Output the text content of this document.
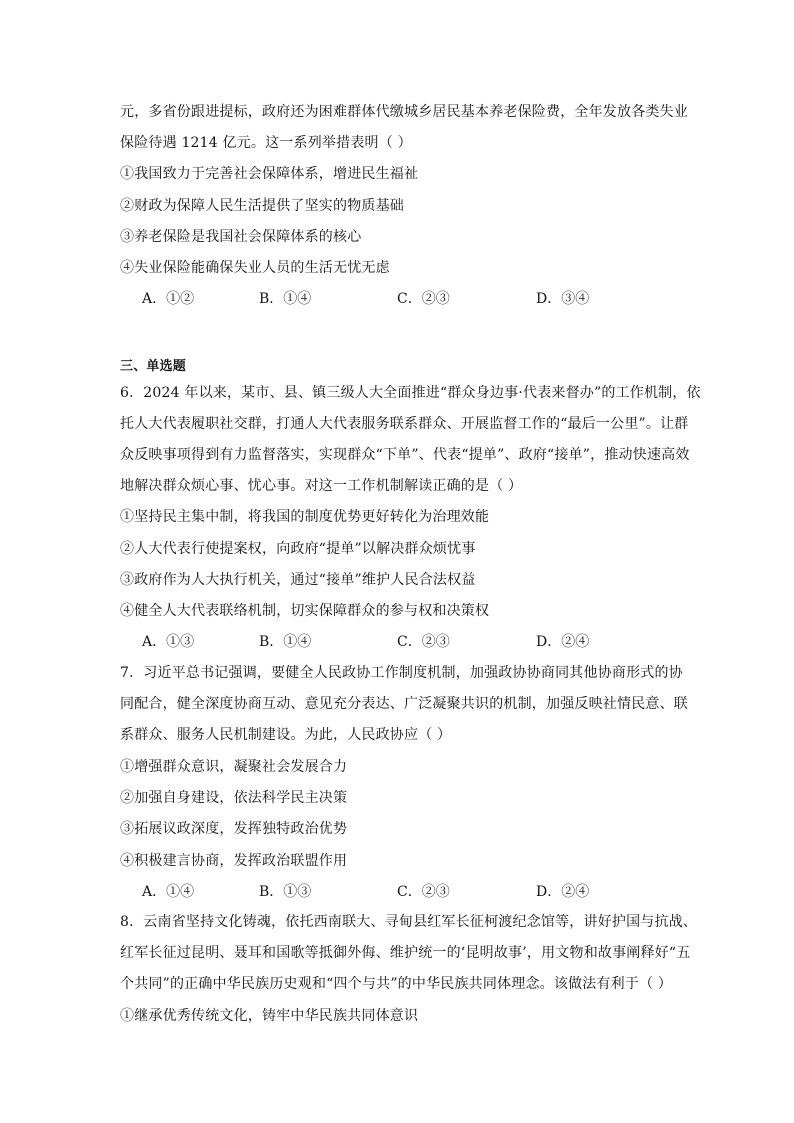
元，多省份跟进提标，政府还为困难群体代缴城乡居民基本养老保险费，全年发放各类失业
保险待遇 1214 亿元。这一系列举措表明（ ）
①我国致力于完善社会保障体系，增进民生福祉
②财政为保障人民生活提供了坚实的物质基础
③养老保险是我国社会保障体系的核心
④失业保险能确保失业人员的生活无忧无虑
A．①②	B．①④	C．②③	D．③④
三、单选题
6．2024 年以来，某市、县、镇三级人大全面推进“群众身边事·代表来督办”的工作机制，依
托人大代表履职社交群，打通人大代表服务联系群众、开展监督工作的“最后一公里”。让群
众反映事项得到有力监督落实，实现群众“下单”、代表“提单”、政府“接单”，推动快速高效
地解决群众烦心事、忧心事。对这一工作机制解读正确的是（ ）
①坚持民主集中制，将我国的制度优势更好转化为治理效能
②人大代表行使提案权，向政府“提单”以解决群众烦忧事
③政府作为人大执行机关，通过“接单”维护人民合法权益
④健全人大代表联络机制，切实保障群众的参与权和决策权
A．①③	B．①④	C．②③	D．②④
7．习近平总书记强调，要健全人民政协工作制度机制，加强政协协商同其他协商形式的协
同配合，健全深度协商互动、意见充分表达、广泛凝聚共识的机制，加强反映社情民意、联
系群众、服务人民机制建设。为此，人民政协应（ ）
①增强群众意识，凝聚社会发展合力
②加强自身建设，依法科学民主决策
③拓展议政深度，发挥独特政治优势
④积极建言协商，发挥政治联盟作用
A．①④	B．①③	C．②③	D．②④
8．云南省坚持文化铸魂，依托西南联大、寻甸县红军长征柯渡纪念馆等，讲好护国与抗战、
红军长征过昆明、聂耳和国歌等抵御外侮、维护统一的‘昆明故事’，用文物和故事阐释好“五
个共同”的正确中华民族历史观和“四个与共”的中华民族共同体理念。该做法有利于（ ）
①继承优秀传统文化，铸牢中华民族共同体意识
